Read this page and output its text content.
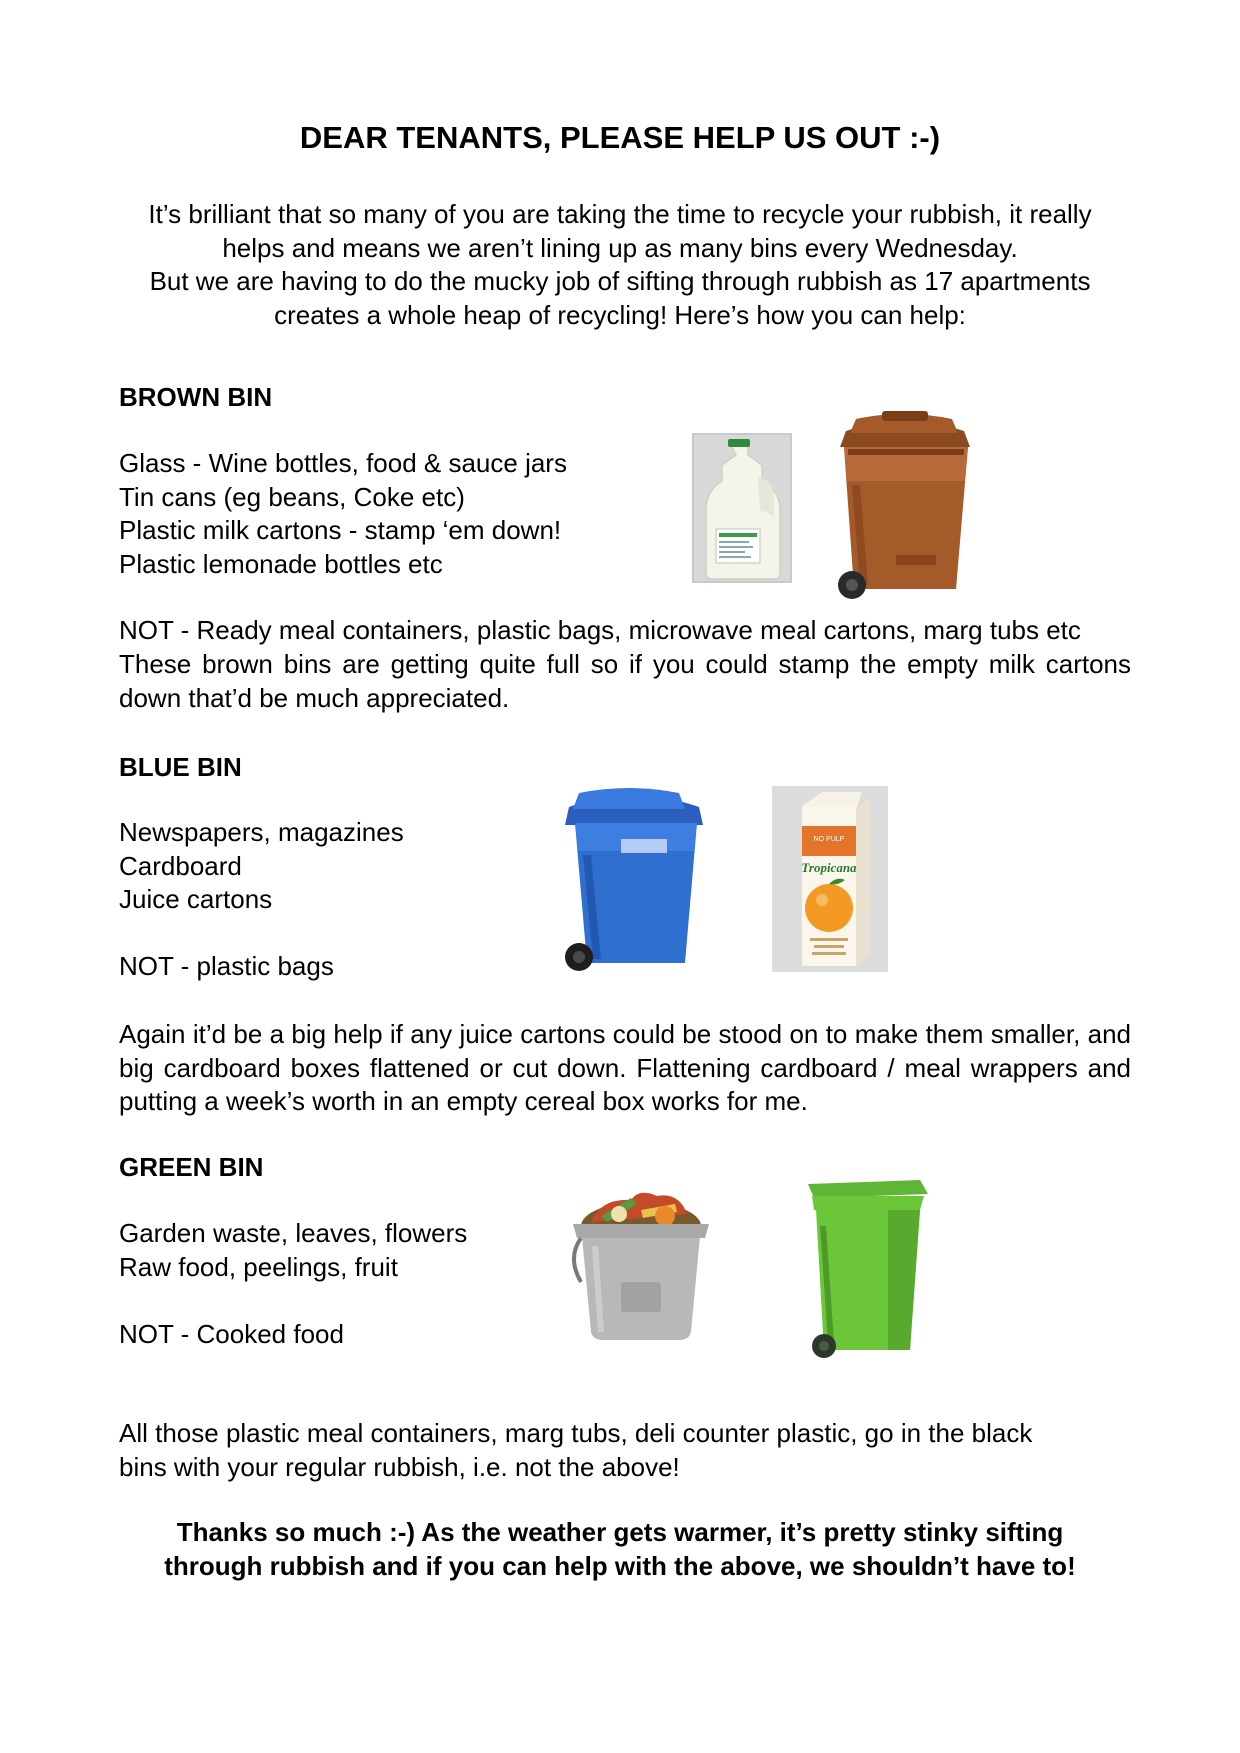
DEAR TENANTS, PLEASE HELP US OUT :-)

It’s brilliant that so many of you are taking the time to recycle your rubbish, it really helps and means we aren’t lining up as many bins every Wednesday.

But we are having to do the mucky job of sifting through rubbish as 17 apartments creates a whole heap of recycling! Here’s how you can help:

BROWN BIN
Glass - Wine bottles, food & sauce jars
Tin cans (eg beans, Coke etc)
Plastic milk cartons - stamp ‘em down!
Plastic lemonade bottles etc
NOT - Ready meal containers, plastic bags, microwave meal cartons, marg tubs etc
These brown bins are getting quite full so if you could stamp the empty milk cartons down that’d be much appreciated.
BLUE BIN
Newspapers, magazines
Cardboard
Juice cartons
NOT - plastic bags
NO PULP
Tropicana
Again it’d be a big help if any juice cartons could be stood on to make them smaller, and big cardboard boxes flattened or cut down. Flattening cardboard / meal wrappers and putting a week’s worth in an empty cereal box works for me.
GREEN BIN
Garden waste, leaves, flowers
Raw food, peelings, fruit
NOT - Cooked food
All those plastic meal containers, marg tubs, deli counter plastic, go in the black
bins with your regular rubbish, i.e. not the above!
Thanks so much :-) As the weather gets warmer, it’s pretty stinky sifting
through rubbish and if you can help with the above, we shouldn’t have to!
